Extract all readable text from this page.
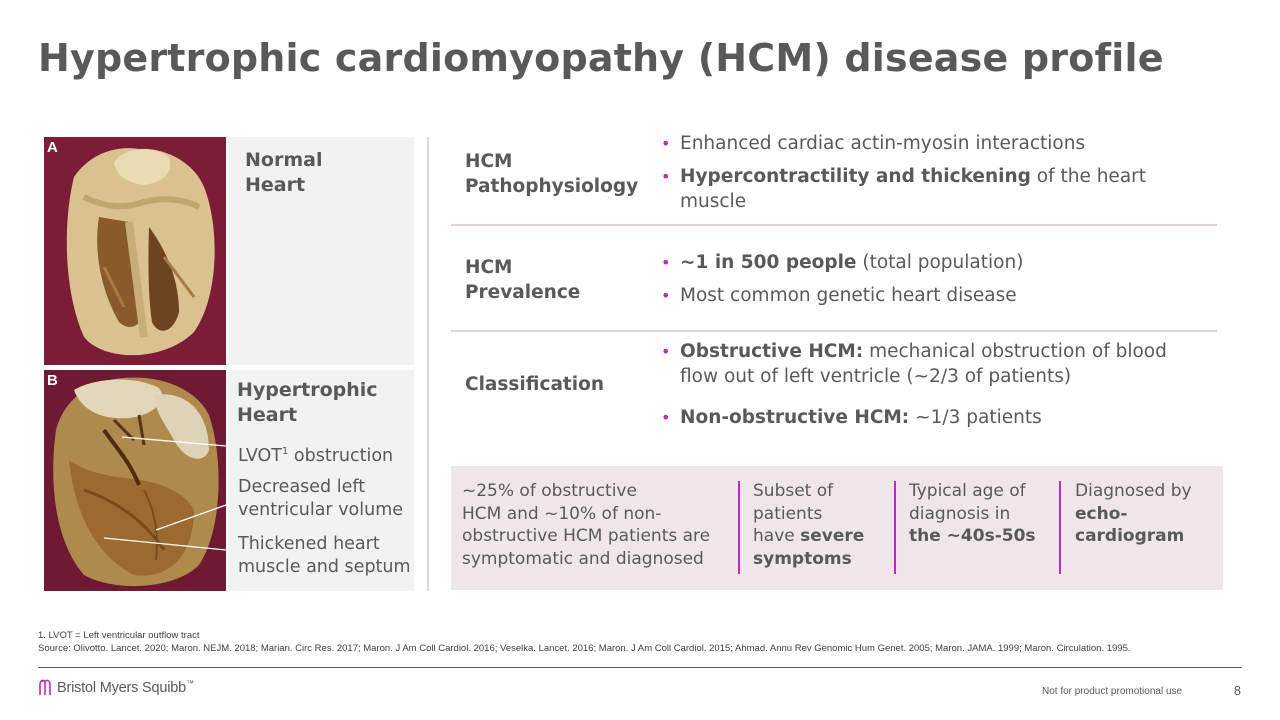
Hypertrophic cardiomyopathy (HCM) disease profile
A
Normal
Heart
B	Hypertrophic
Heart
LVOT$^1$ obstruction
Decreased left
ventricular volume
Thickened heart
muscle and septum
HCM
Pathophysiology
• Enhanced cardiac actin-myosin interactions
• Hypercontractility and thickening of the heart muscle
HCM
Prevalence
• ~1 in 500 people (total population)
• Most common genetic heart disease
Classification
• Obstructive HCM: mechanical obstruction of blood flow out of left ventricle (~2/3 of patients)
• Non-obstructive HCM: ~1/3 patients
~25% of obstructive
HCM and ~10% of non-
obstructive HCM patients are
symptomatic and diagnosed
Subset of
patients
have severe
symptoms
Typical age of
diagnosis in
the ~40s-50s
Diagnosed by
echo-
cardiogram
1. LVOT = Left ventricular outflow tract
Source: Olivotto. Lancet. 2020; Maron. NEJM. 2018; Marian. Circ Res. 2017; Maron. J Am Coll Cardiol. 2016; Veselka. Lancet. 2016; Maron. J Am Coll Cardiol. 2015; Ahmad. Annu Rev Genomic Hum Genet. 2005; Maron. JAMA. 1999; Maron. Circulation. 1995.
Bristol Myers Squibb™
Not for product promotional use	8
